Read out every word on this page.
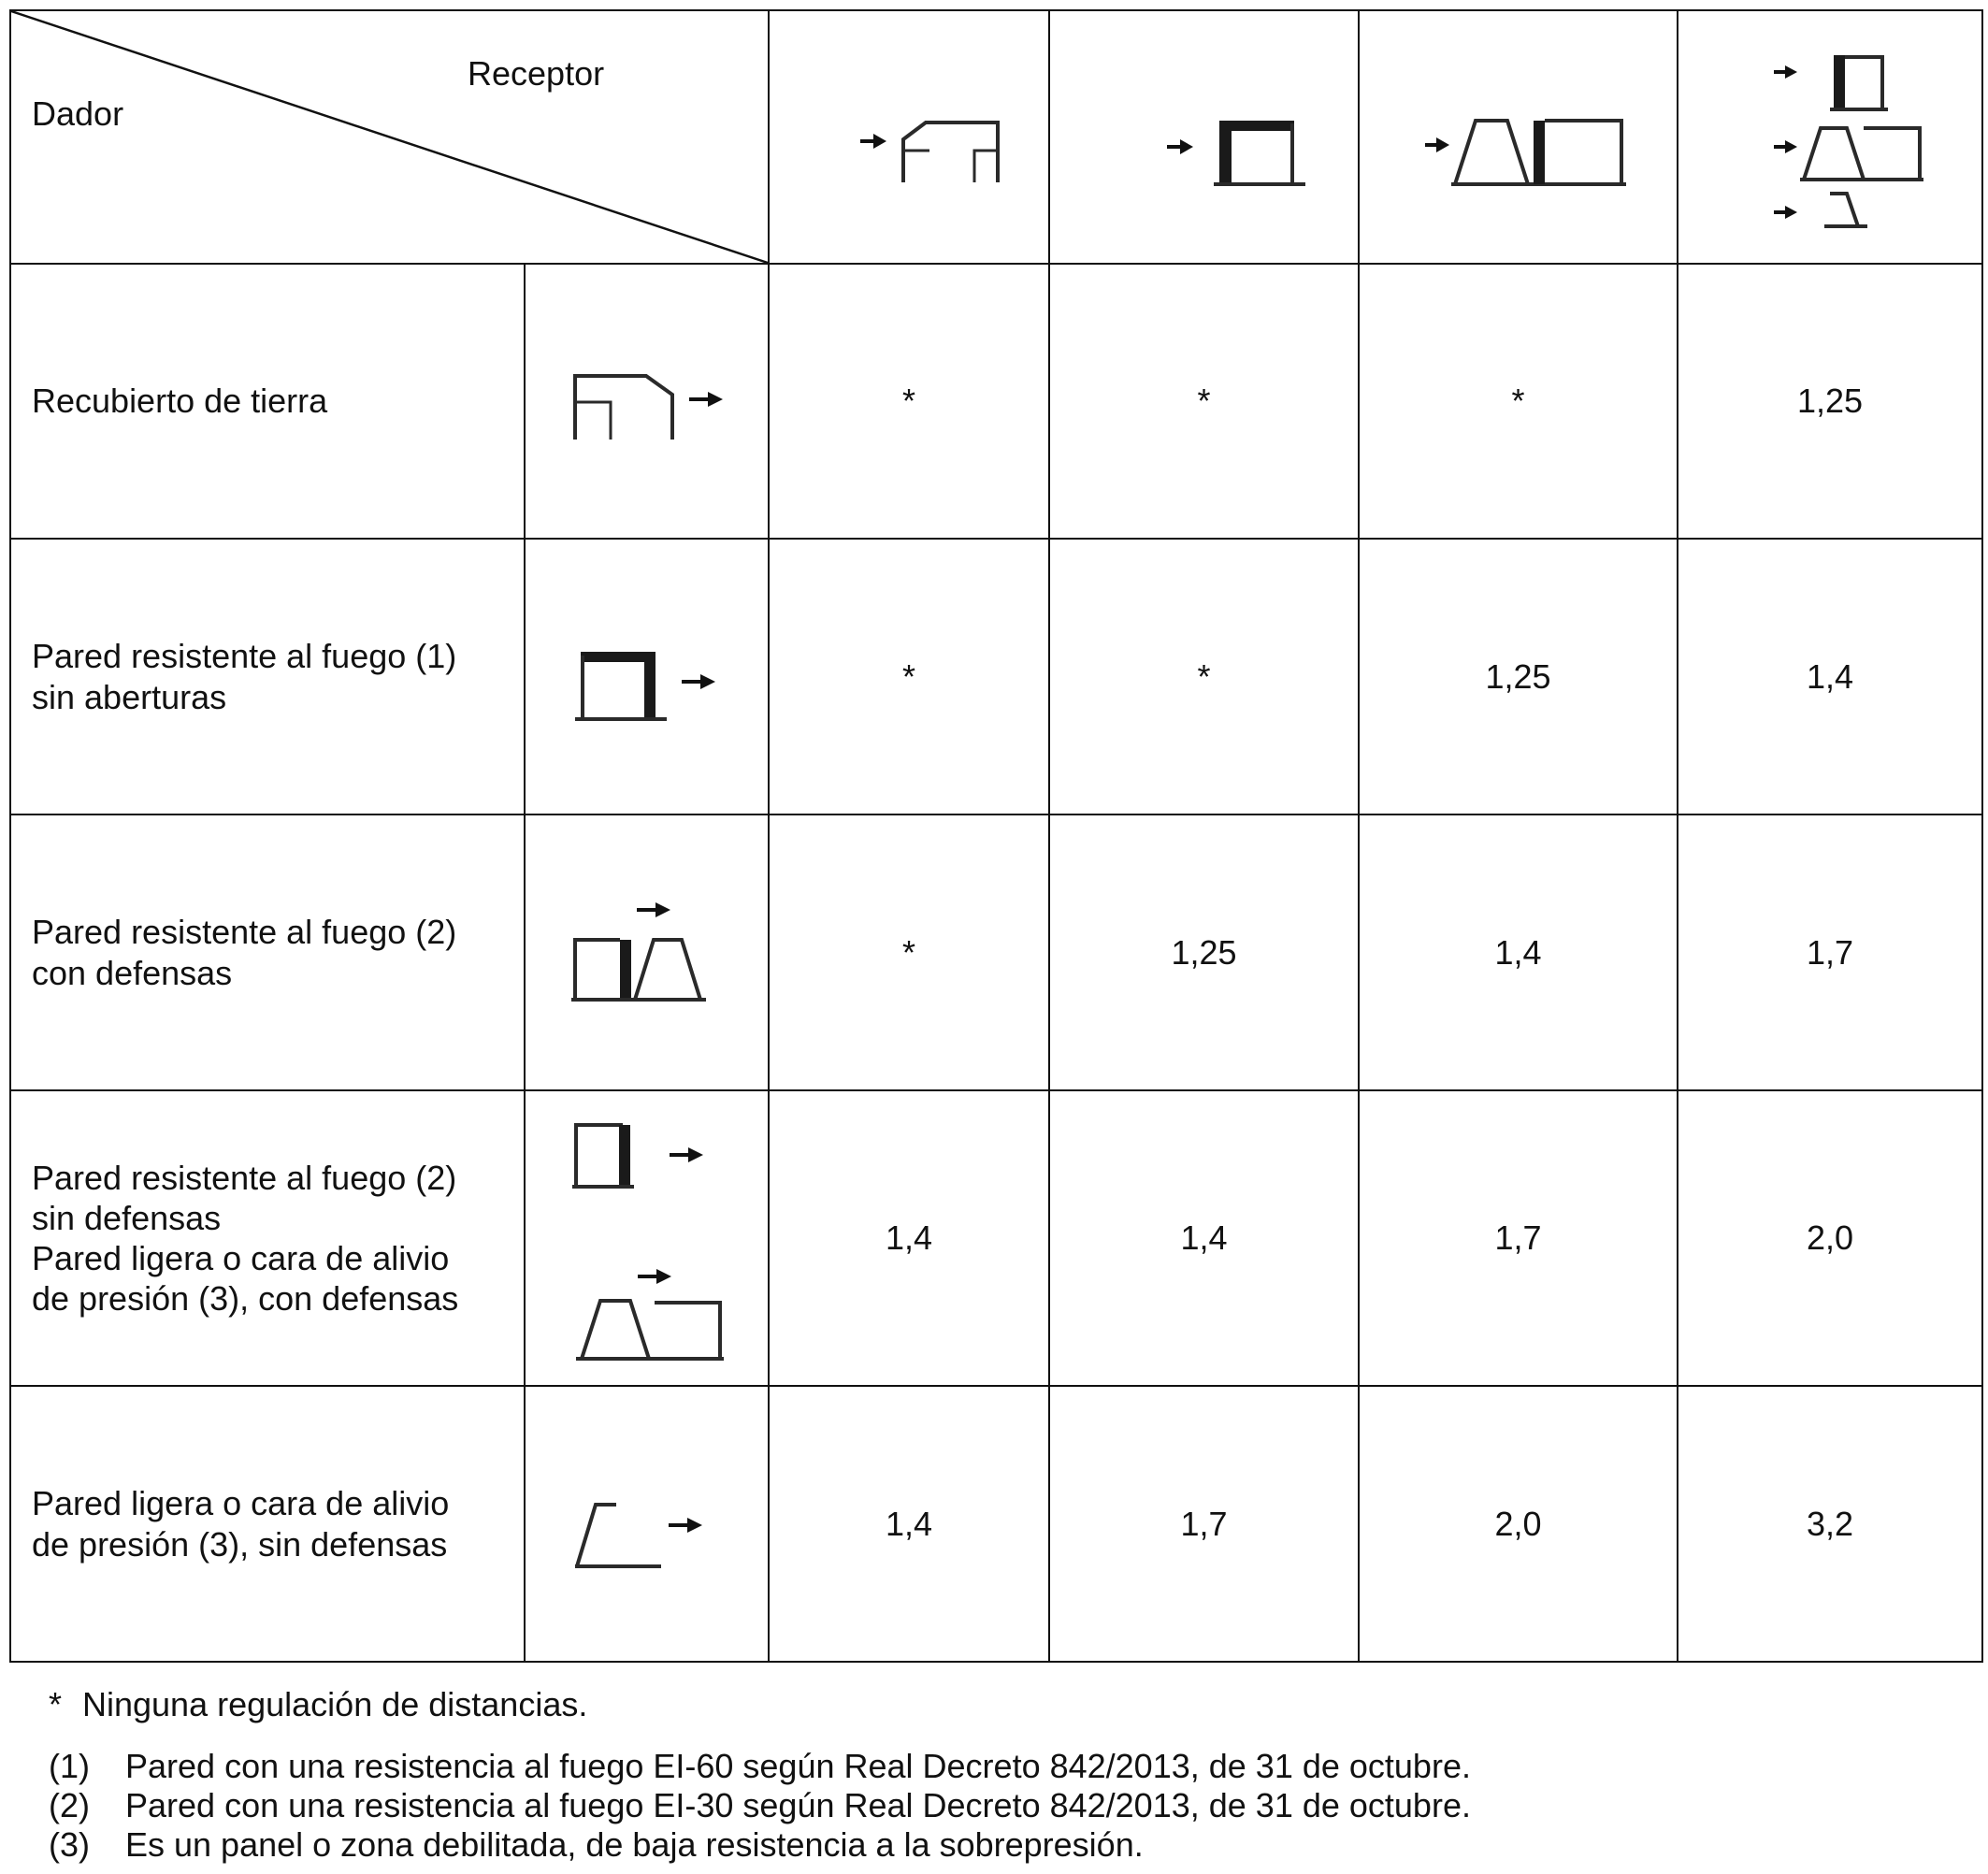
Dador
Receptor

Recubierto de tierra		*	*	*	1,25

Pared resistente al fuego (1)
sin aberturas		*	*	1,25	1,4

Pared resistente al fuego (2)
con defensas		*	1,25	1,4	1,7

Pared resistente al fuego (2)
sin defensas
Pared ligera o cara de alivio
de presión (3), con defensas		1,4	1,4	1,7	2,0

Pared ligera o cara de alivio
de presión (3), sin defensas		1,4	1,7	2,0	3,2
* Ninguna regulación de distancias.
(1) Pared con una resistencia al fuego EI-60 según Real Decreto 842/2013, de 31 de octubre.
(2) Pared con una resistencia al fuego EI-30 según Real Decreto 842/2013, de 31 de octubre.
(3) Es un panel o zona debilitada, de baja resistencia a la sobrepresión.
